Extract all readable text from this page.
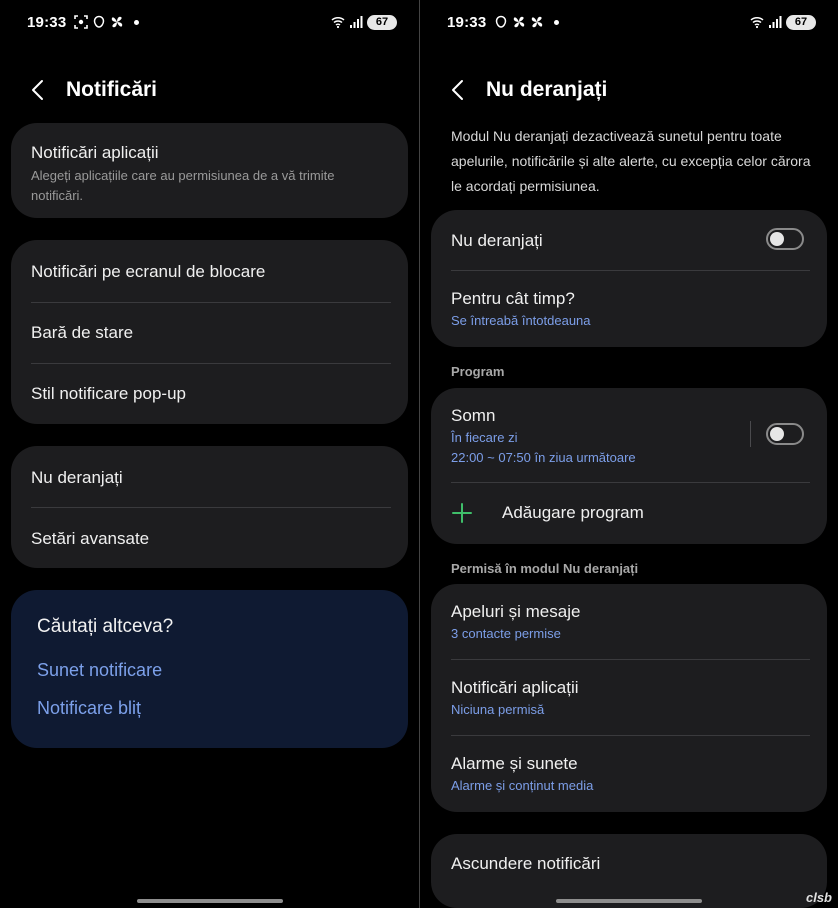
19:33	67
Notificări
Notificări aplicații
Alegeți aplicațiile care au permisiunea de a vă trimite notificări.
Notificări pe ecranul de blocare
Bară de stare
Stil notificare pop-up
Nu deranjați
Setări avansate
Căutați altceva?
Sunet notificare
Notificare bliț
19:33	67
Nu deranjați
Modul Nu deranjați dezactivează sunetul pentru toate apelurile, notificările și alte alerte, cu excepția celor cărora le acordați permisiunea.
Nu deranjați
Pentru cât timp?
Se întreabă întotdeauna
Program
Somn
În fiecare zi
22:00 ~ 07:50 în ziua următoare
Adăugare program
Permisă în modul Nu deranjați
Apeluri și mesaje
3 contacte permise
Notificări aplicații
Niciuna permisă
Alarme și sunete
Alarme și conținut media
Ascundere notificări
clsb
